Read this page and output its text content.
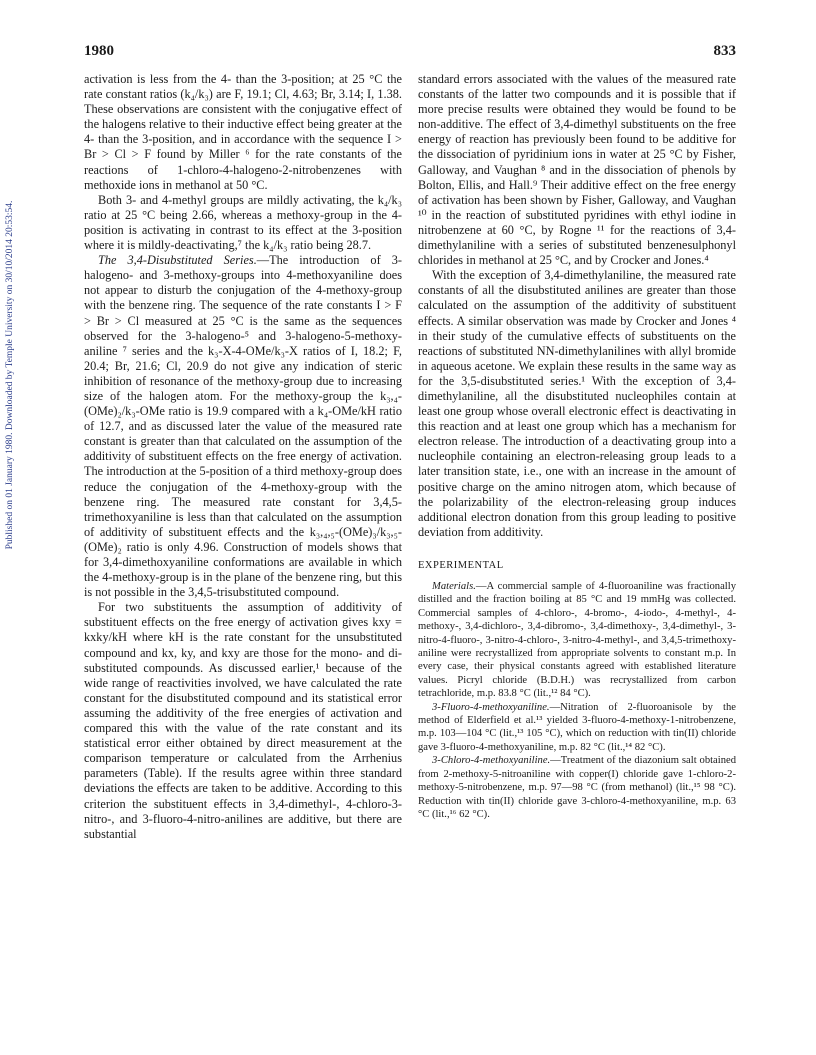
1980	833
Published on 01 January 1980. Downloaded by Temple University on 30/10/2014 20:53:54.

activation is less from the 4- than the 3-position; at 25 °C the rate constant ratios (k₄/k₃) are F, 19.1; Cl, 4.63; Br, 3.14; I, 1.38. These observations are consistent with the conjugative effect of the halogens relative to their inductive effect being greater at the 4- than the 3-position, and in accordance with the sequence I > Br > Cl > F found by Miller ⁶ for the rate constants of the reactions of 1-chloro-4-halogeno-2-nitrobenzenes with methoxide ions in methanol at 50 °C.

Both 3- and 4-methyl groups are mildly activating, the k₄/k₃ ratio at 25 °C being 2.66, whereas a methoxy-group in the 4-position is activating in contrast to its effect at the 3-position where it is mildly-deactivating,⁷ the k₄/k₃ ratio being 28.7.

The 3,4-Disubstituted Series.—The introduction of 3-halogeno- and 3-methoxy-groups into 4-methoxyaniline does not appear to disturb the conjugation of the 4-methoxy-group with the benzene ring. The sequence of the rate constants I > F > Br > Cl measured at 25 °C is the same as the sequences observed for the 3-halogeno-⁵ and 3-halogeno-5-methoxy-aniline ⁷ series and the k₃-X-4-OMe/k₃-X ratios of I, 18.2; F, 20.4; Br, 21.6; Cl, 20.9 do not give any indication of steric inhibition of resonance of the methoxy-group due to increasing size of the halogen atom. For the methoxy-group the k₃,₄-(OMe)₂/k₃-OMe ratio is 19.9 compared with a k₄-OMe/kH ratio of 12.7, and as discussed later the value of the measured rate constant is greater than that calculated on the assumption of the additivity of substituent effects on the free energy of activation. The introduction at the 5-position of a third methoxy-group does reduce the conjugation of the 4-methoxy-group with the benzene ring. The measured rate constant for 3,4,5-trimethoxyaniline is less than that calculated on the assumption of additivity of substituent effects and the k₃,₄,₅-(OMe)₃/k₃,₅-(OMe)₂ ratio is only 4.96. Construction of models shows that for 3,4-dimethoxyaniline conformations are available in which the 4-methoxy-group is in the plane of the benzene ring, but this is not possible in the 3,4,5-trisubstituted compound.

For two substituents the assumption of additivity of substituent effects on the free energy of activation gives kxy = kxky/kH where kH is the rate constant for the unsubstituted compound and kx, ky, and kxy are those for the mono- and di-substituted compounds. As discussed earlier,¹ because of the wide range of reactivities involved, we have calculated the rate constant for the disubstituted compound and its statistical error assuming the additivity of the free energies of activation and compared this with the value of the rate constant and its statistical error either obtained by direct measurement at the comparison temperature or calculated from the Arrhenius parameters (Table). If the results agree within three standard deviations the effects are taken to be additive. According to this criterion the substituent effects in 3,4-dimethyl-, 4-chloro-3-nitro-, and 3-fluoro-4-nitro-anilines are additive, but there are substantial

standard errors associated with the values of the measured rate constants of the latter two compounds and it is possible that if more precise results were obtained they would be found to be non-additive. The effect of 3,4-dimethyl substituents on the free energy of reaction has previously been found to be additive for the dissociation of pyridinium ions in water at 25 °C by Fisher, Galloway, and Vaughan ⁸ and in the dissociation of phenols by Bolton, Ellis, and Hall.⁹ Their additive effect on the free energy of activation has been shown by Fisher, Galloway, and Vaughan ¹⁰ in the reaction of substituted pyridines with ethyl iodine in nitrobenzene at 60 °C, by Rogne ¹¹ for the reactions of 3,4-dimethylaniline with a series of substituted benzenesulphonyl chlorides in methanol at 25 °C, and by Crocker and Jones.⁴

With the exception of 3,4-dimethylaniline, the measured rate constants of all the disubstituted anilines are greater than those calculated on the assumption of the additivity of substituent effects. A similar observation was made by Crocker and Jones ⁴ in their study of the cumulative effects of substituents on the reactions of substituted NN-dimethylanilines with allyl bromide in aqueous acetone. We explain these results in the same way as for the 3,5-disubstituted series.¹ With the exception of 3,4-dimethylaniline, all the disubstituted nucleophiles contain at least one group whose overall electronic effect is deactivating in this reaction and at least one group which has a mechanism for electron release. The introduction of a deactivating group into a nucleophile containing an electron-releasing group leads to a later transition state, i.e., one with an increase in the amount of positive charge on the amino nitrogen atom, which because of the polarizability of the electron-releasing group induces additional electron donation from this group leading to positive deviation from additivity.

EXPERIMENTAL

Materials.—A commercial sample of 4-fluoroaniline was fractionally distilled and the fraction boiling at 85 °C and 19 mmHg was collected. Commercial samples of 4-chloro-, 4-bromo-, 4-iodo-, 4-methyl-, 4-methoxy-, 3,4-dichloro-, 3,4-dibromo-, 3,4-dimethoxy-, 3,4-dimethyl-, 3-nitro-4-fluoro-, 3-nitro-4-chloro-, 3-nitro-4-methyl-, and 3,4,5-trimethoxy-aniline were recrystallized from appropriate solvents to constant m.p. In every case, their physical constants agreed with established literature values. Picryl chloride (B.D.H.) was recrystallized from carbon tetrachloride, m.p. 83.8 °C (lit.,¹² 84 °C).

3-Fluoro-4-methoxyaniline.—Nitration of 2-fluoroanisole by the method of Elderfield et al.¹³ yielded 3-fluoro-4-methoxy-1-nitrobenzene, m.p. 103—104 °C (lit.,¹³ 105 °C), which on reduction with tin(II) chloride gave 3-fluoro-4-methoxyaniline, m.p. 82 °C (lit.,¹⁴ 82 °C).

3-Chloro-4-methoxyaniline.—Treatment of the diazonium salt obtained from 2-methoxy-5-nitroaniline with copper(I) chloride gave 1-chloro-2-methoxy-5-nitrobenzene, m.p. 97—98 °C (from methanol) (lit.,¹⁵ 98 °C). Reduction with tin(II) chloride gave 3-chloro-4-methoxyaniline, m.p. 63 °C (lit.,¹⁶ 62 °C).
